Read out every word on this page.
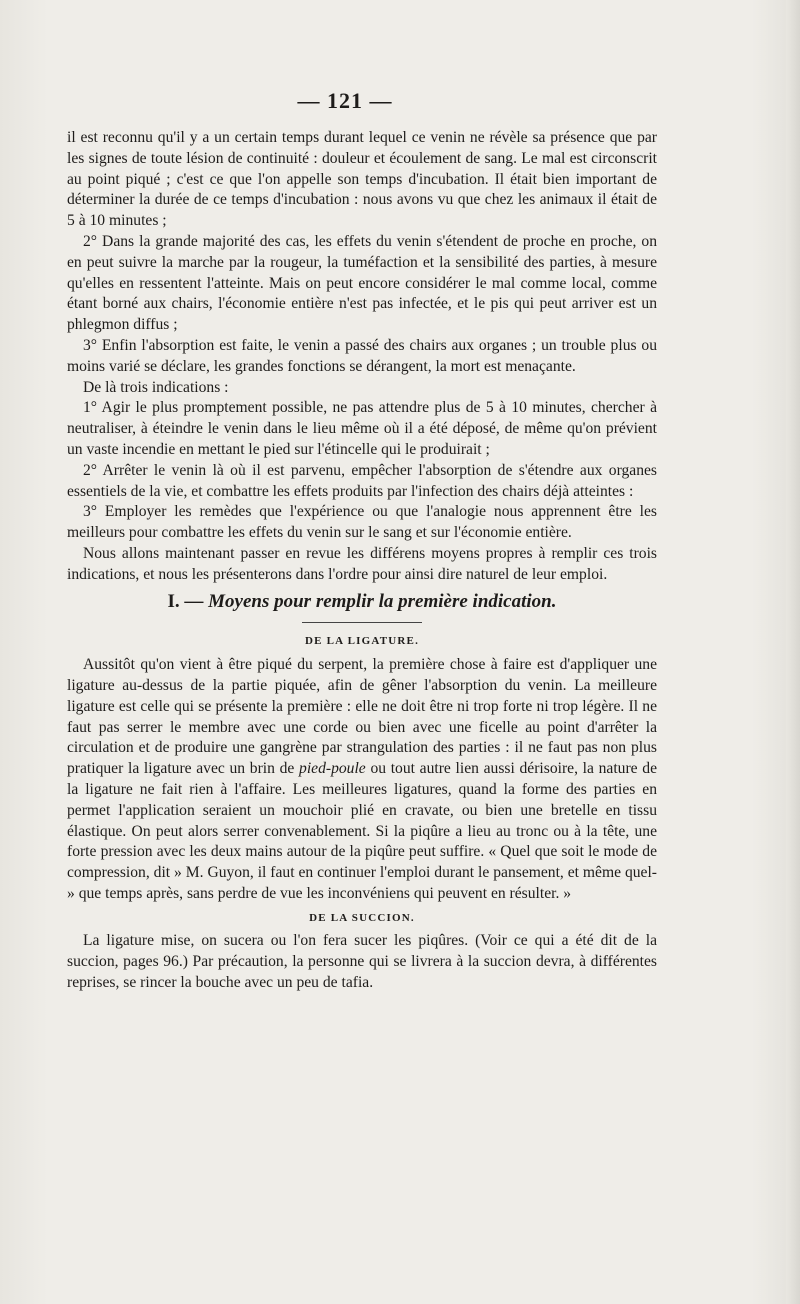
— 121 —

il est reconnu qu'il y a un certain temps durant lequel ce venin ne révèle sa présence que par les signes de toute lésion de continuité : douleur et écoulement de sang. Le mal est circonscrit au point piqué ; c'est ce que l'on appelle son temps d'incubation. Il était bien important de déterminer la durée de ce temps d'incubation : nous avons vu que chez les animaux il était de 5 à 10 minutes ;

2° Dans la grande majorité des cas, les effets du venin s'étendent de proche en proche, on en peut suivre la marche par la rougeur, la tuméfaction et la sensibilité des parties, à mesure qu'elles en ressentent l'atteinte. Mais on peut encore considérer le mal comme local, comme étant borné aux chairs, l'économie entière n'est pas infectée, et le pis qui peut arriver est un phlegmon diffus ;

3° Enfin l'absorption est faite, le venin a passé des chairs aux organes ; un trouble plus ou moins varié se déclare, les grandes fonctions se dérangent, la mort est menaçante.

De là trois indications :

1° Agir le plus promptement possible, ne pas attendre plus de 5 à 10 minutes, chercher à neutraliser, à éteindre le venin dans le lieu même où il a été déposé, de même qu'on prévient un vaste incendie en mettant le pied sur l'étincelle qui le produirait ;

2° Arrêter le venin là où il est parvenu, empêcher l'absorption de s'étendre aux organes essentiels de la vie, et combattre les effets produits par l'infection des chairs déjà atteintes :

3° Employer les remèdes que l'expérience ou que l'analogie nous apprennent être les meilleurs pour combattre les effets du venin sur le sang et sur l'économie entière.

Nous allons maintenant passer en revue les différens moyens propres à remplir ces trois indications, et nous les présenterons dans l'ordre pour ainsi dire naturel de leur emploi.

I. — Moyens pour remplir la première indication.
DE LA LIGATURE.

Aussitôt qu'on vient à être piqué du serpent, la première chose à faire est d'appliquer une ligature au-dessus de la partie piquée, afin de gêner l'absorption du venin. La meilleure ligature est celle qui se présente la première : elle ne doit être ni trop forte ni trop légère. Il ne faut pas serrer le membre avec une corde ou bien avec une ficelle au point d'arrêter la circulation et de produire une gangrène par strangulation des parties : il ne faut pas non plus pratiquer la ligature avec un brin de pied-poule ou tout autre lien aussi dérisoire, la nature de la ligature ne fait rien à l'affaire. Les meilleures ligatures, quand la forme des parties en permet l'application seraient un mouchoir plié en cravate, ou bien une bretelle en tissu élastique. On peut alors serrer convenablement. Si la piqûre a lieu au tronc ou à la tête, une forte pression avec les deux mains autour de la piqûre peut suffire. « Quel que soit le mode de compression, dit » M. Guyon, il faut en continuer l'emploi durant le pansement, et même quel- » que temps après, sans perdre de vue les inconvéniens qui peuvent en résulter. »

DE LA SUCCION.

La ligature mise, on sucera ou l'on fera sucer les piqûres. (Voir ce qui a été dit de la succion, pages 96.) Par précaution, la personne qui se livrera à la succion devra, à différentes reprises, se rincer la bouche avec un peu de tafia.
